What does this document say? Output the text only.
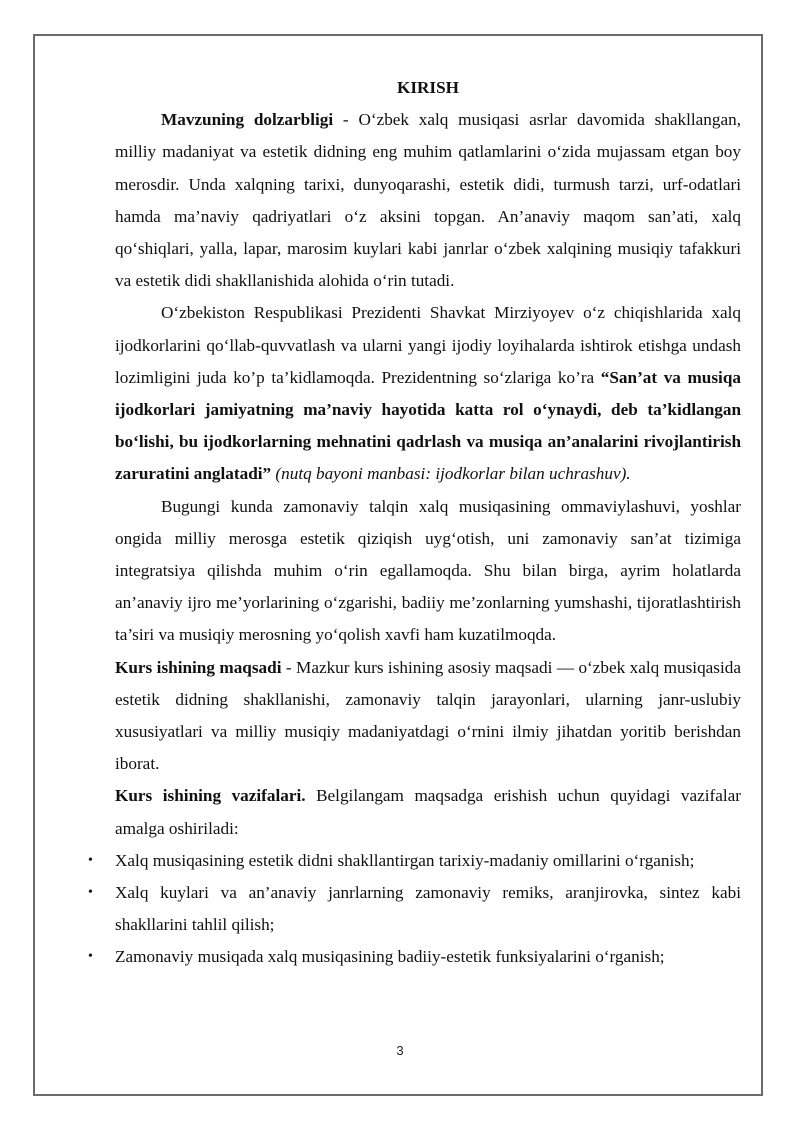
KIRISH

Mavzuning dolzarbligi - O‘zbek xalq musiqasi asrlar davomida shakllangan, milliy madaniyat va estetik didning eng muhim qatlamlarini o‘zida mujassam etgan boy merosdir. Unda xalqning tarixi, dunyoqarashi, estetik didi, turmush tarzi, urf-odatlari hamda ma’naviy qadriyatlari o‘z aksini topgan. An’anaviy maqom san’ati, xalq qo‘shiqlari, yalla, lapar, marosim kuylari kabi janrlar o‘zbek xalqining musiqiy tafakkuri va estetik didi shakllanishida alohida o‘rin tutadi.

O‘zbekiston Respublikasi Prezidenti Shavkat Mirziyoyev o‘z chiqishlarida xalq ijodkorlarini qo‘llab-quvvatlash va ularni yangi ijodiy loyihalarda ishtirok etishga undash lozimligini juda ko’p ta’kidlamoqda. Prezidentning so‘zlariga ko’ra “San’at va musiqa ijodkorlari jamiyatning ma’naviy hayotida katta rol o‘ynaydi, deb ta’kidlangan bo‘lishi, bu ijodkorlarning mehnatini qadrlash va musiqa an’analarini rivojlantirish zaruratini anglatadi” (nutq bayoni manbasi: ijodkorlar bilan uchrashuv).

Bugungi kunda zamonaviy talqin xalq musiqasining ommaviylashuvi, yoshlar ongida milliy merosga estetik qiziqish uyg‘otish, uni zamonaviy san’at tizimiga integratsiya qilishda muhim o‘rin egallamoqda. Shu bilan birga, ayrim holatlarda an’anaviy ijro me’yorlarining o‘zgarishi, badiiy me’zonlarning yumshashi, tijoratlashtirish ta’siri va musiqiy merosning yo‘qolish xavfi ham kuzatilmoqda.

Kurs ishining maqsadi - Mazkur kurs ishining asosiy maqsadi — o‘zbek xalq musiqasida estetik didning shakllanishi, zamonaviy talqin jarayonlari, ularning janr-uslubiy xususiyatlari va milliy musiqiy madaniyatdagi o‘rnini ilmiy jihatdan yoritib berishdan iborat.

Kurs ishining vazifalari. Belgilangam maqsadga erishish uchun quyidagi vazifalar amalga oshiriladi:

• Xalq musiqasining estetik didni shakllantirgan tarixiy-madaniy omillarini o‘rganish;
• Xalq kuylari va an’anaviy janrlarning zamonaviy remiks, aranjirovka, sintez kabi shakllarini tahlil qilish;
• Zamonaviy musiqada xalq musiqasining badiiy-estetik funksiyalarini o‘rganish;
3
